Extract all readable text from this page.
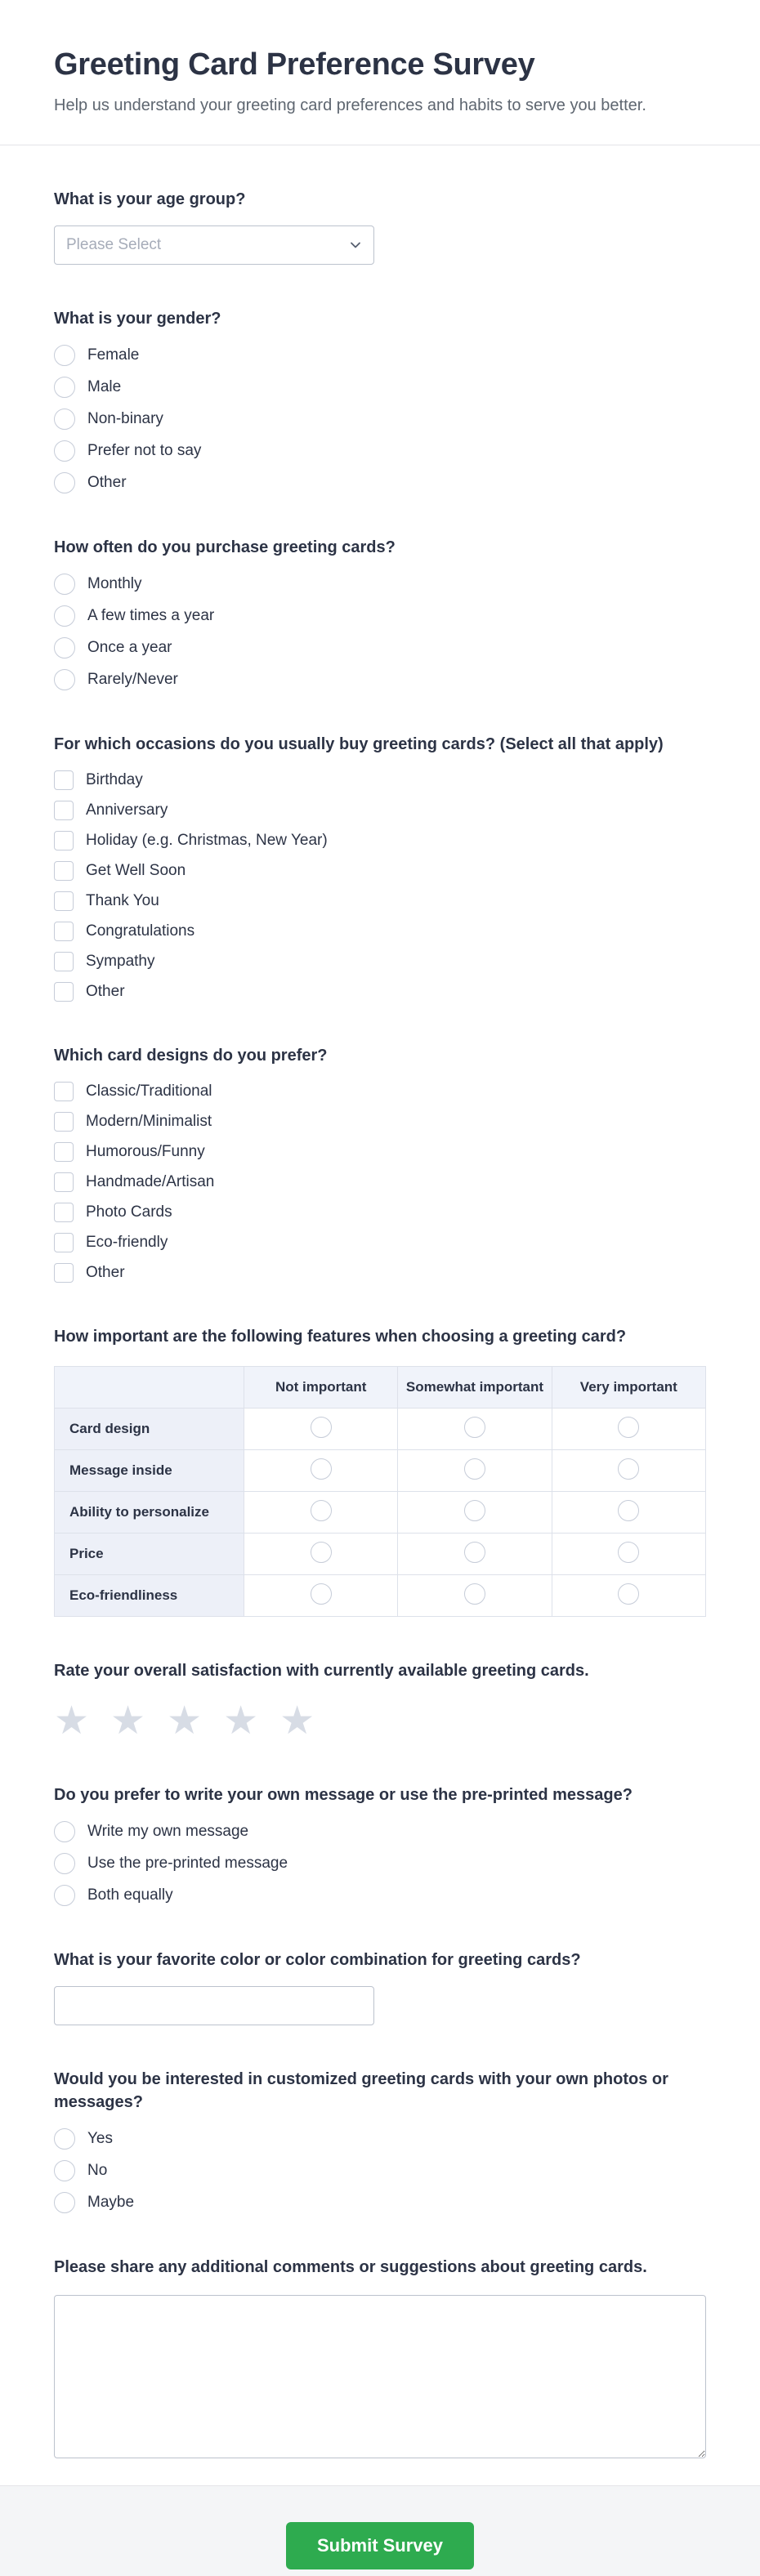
Greeting Card Preference Survey
Help us understand your greeting card preferences and habits to serve you better.
What is your age group?
Please Select
What is your gender?
Female
Male
Non-binary
Prefer not to say
Other
How often do you purchase greeting cards?
Monthly
A few times a year
Once a year
Rarely/Never
For which occasions do you usually buy greeting cards? (Select all that apply)
Birthday
Anniversary
Holiday (e.g. Christmas, New Year)
Get Well Soon
Thank You
Congratulations
Sympathy
Other
Which card designs do you prefer?
Classic/Traditional
Modern/Minimalist
Humorous/Funny
Handmade/Artisan
Photo Cards
Eco-friendly
Other
How important are the following features when choosing a greeting card?
	Not important	Somewhat important	Very important
Card design			
Message inside			
Ability to personalize			
Price			
Eco-friendliness			
Rate your overall satisfaction with currently available greeting cards.
★ ★ ★ ★ ★
Do you prefer to write your own message or use the pre-printed message?
Write my own message
Use the pre-printed message
Both equally
What is your favorite color or color combination for greeting cards?
Would you be interested in customized greeting cards with your own photos or messages?
Yes
No
Maybe
Please share any additional comments or suggestions about greeting cards.
Submit Survey
